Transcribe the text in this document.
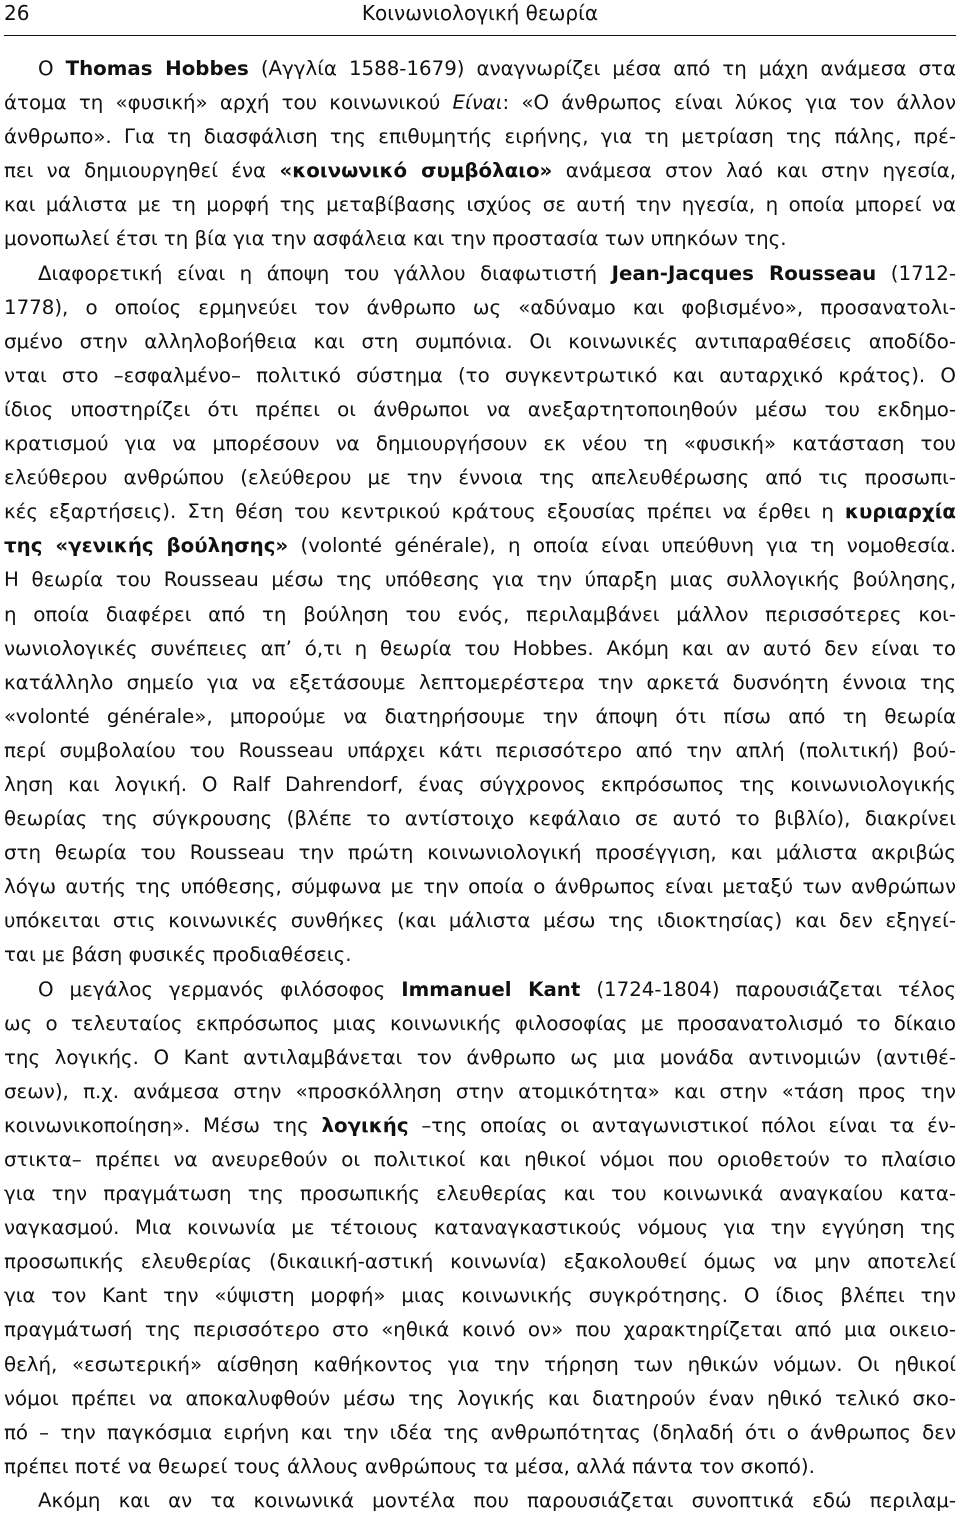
26	Κοινωνιολογική θεωρία
Ο Thomas Hobbes (Αγγλία 1588-1679) αναγνωρίζει μέσα από τη μάχη ανάμεσα στα
άτομα τη «φυσική» αρχή του κοινωνικού Είναι: «Ο άνθρωπος είναι λύκος για τον άλλον
άνθρωπο». Για τη διασφάλιση της επιθυμητής ειρήνης, για τη μετρίαση της πάλης, πρέ-
πει να δημιουργηθεί ένα «κοινωνικό συμβόλαιο» ανάμεσα στον λαό και στην ηγεσία,
και μάλιστα με τη μορφή της μεταβίβασης ισχύος σε αυτή την ηγεσία, η οποία μπορεί να
μονοπωλεί έτσι τη βία για την ασφάλεια και την προστασία των υπηκόων της.
Διαφορετική είναι η άποψη του γάλλου διαφωτιστή Jean-Jacques Rousseau (1712-
1778), ο οποίος ερμηνεύει τον άνθρωπο ως «αδύναμο και φοβισμένο», προσανατολι-
σμένο στην αλληλοβοήθεια και στη συμπόνια. Οι κοινωνικές αντιπαραθέσεις αποδίδο-
νται στο –εσφαλμένο– πολιτικό σύστημα (το συγκεντρωτικό και αυταρχικό κράτος). Ο
ίδιος υποστηρίζει ότι πρέπει οι άνθρωποι να ανεξαρτητοποιηθούν μέσω του εκδημο-
κρατισμού για να μπορέσουν να δημιουργήσουν εκ νέου τη «φυσική» κατάσταση του
ελεύθερου ανθρώπου (ελεύθερου με την έννοια της απελευθέρωσης από τις προσωπι-
κές εξαρτήσεις). Στη θέση του κεντρικού κράτους εξουσίας πρέπει να έρθει η κυριαρχία
της «γενικής βούλησης» (volonté générale), η οποία είναι υπεύθυνη για τη νομοθεσία.
Η θεωρία του Rousseau μέσω της υπόθεσης για την ύπαρξη μιας συλλογικής βούλησης,
η οποία διαφέρει από τη βούληση του ενός, περιλαμβάνει μάλλον περισσότερες κοι-
νωνιολογικές συνέπειες απ’ ό,τι η θεωρία του Hobbes. Ακόμη και αν αυτό δεν είναι το
κατάλληλο σημείο για να εξετάσουμε λεπτομερέστερα την αρκετά δυσνόητη έννοια της
«volonté générale», μπορούμε να διατηρήσουμε την άποψη ότι πίσω από τη θεωρία
περί συμβολαίου του Rousseau υπάρχει κάτι περισσότερο από την απλή (πολιτική) βού-
ληση και λογική. Ο Ralf Dahrendorf, ένας σύγχρονος εκπρόσωπος της κοινωνιολογικής
θεωρίας της σύγκρουσης (βλέπε το αντίστοιχο κεφάλαιο σε αυτό το βιβλίο), διακρίνει
στη θεωρία του Rousseau την πρώτη κοινωνιολογική προσέγγιση, και μάλιστα ακριβώς
λόγω αυτής της υπόθεσης, σύμφωνα με την οποία ο άνθρωπος είναι μεταξύ των ανθρώπων
υπόκειται στις κοινωνικές συνθήκες (και μάλιστα μέσω της ιδιοκτησίας) και δεν εξηγεί-
ται με βάση φυσικές προδιαθέσεις.
Ο μεγάλος γερμανός φιλόσοφος Immanuel Kant (1724-1804) παρουσιάζεται τέλος
ως ο τελευταίος εκπρόσωπος μιας κοινωνικής φιλοσοφίας με προσανατολισμό το δίκαιο
της λογικής. Ο Kant αντιλαμβάνεται τον άνθρωπο ως μια μονάδα αντινομιών (αντιθέ-
σεων), π.χ. ανάμεσα στην «προσκόλληση στην ατομικότητα» και στην «τάση προς την
κοινωνικοποίηση». Μέσω της λογικής –της οποίας οι ανταγωνιστικοί πόλοι είναι τα έν-
στικτα– πρέπει να ανευρεθούν οι πολιτικοί και ηθικοί νόμοι που οριοθετούν το πλαίσιο
για την πραγμάτωση της προσωπικής ελευθερίας και του κοινωνικά αναγκαίου κατα-
ναγκασμού. Μια κοινωνία με τέτοιους καταναγκαστικούς νόμους για την εγγύηση της
προσωπικής ελευθερίας (δικαιική-αστική κοινωνία) εξακολουθεί όμως να μην αποτελεί
για τον Kant την «ύψιστη μορφή» μιας κοινωνικής συγκρότησης. Ο ίδιος βλέπει την
πραγμάτωσή της περισσότερο στο «ηθικά κοινό ον» που χαρακτηρίζεται από μια οικειο-
θελή, «εσωτερική» αίσθηση καθήκοντος για την τήρηση των ηθικών νόμων. Οι ηθικοί
νόμοι πρέπει να αποκαλυφθούν μέσω της λογικής και διατηρούν έναν ηθικό τελικό σκο-
πό – την παγκόσμια ειρήνη και την ιδέα της ανθρωπότητας (δηλαδή ότι ο άνθρωπος δεν
πρέπει ποτέ να θεωρεί τους άλλους ανθρώπους τα μέσα, αλλά πάντα τον σκοπό).
Ακόμη και αν τα κοινωνικά μοντέλα που παρουσιάζεται συνοπτικά εδώ περιλαμ-
